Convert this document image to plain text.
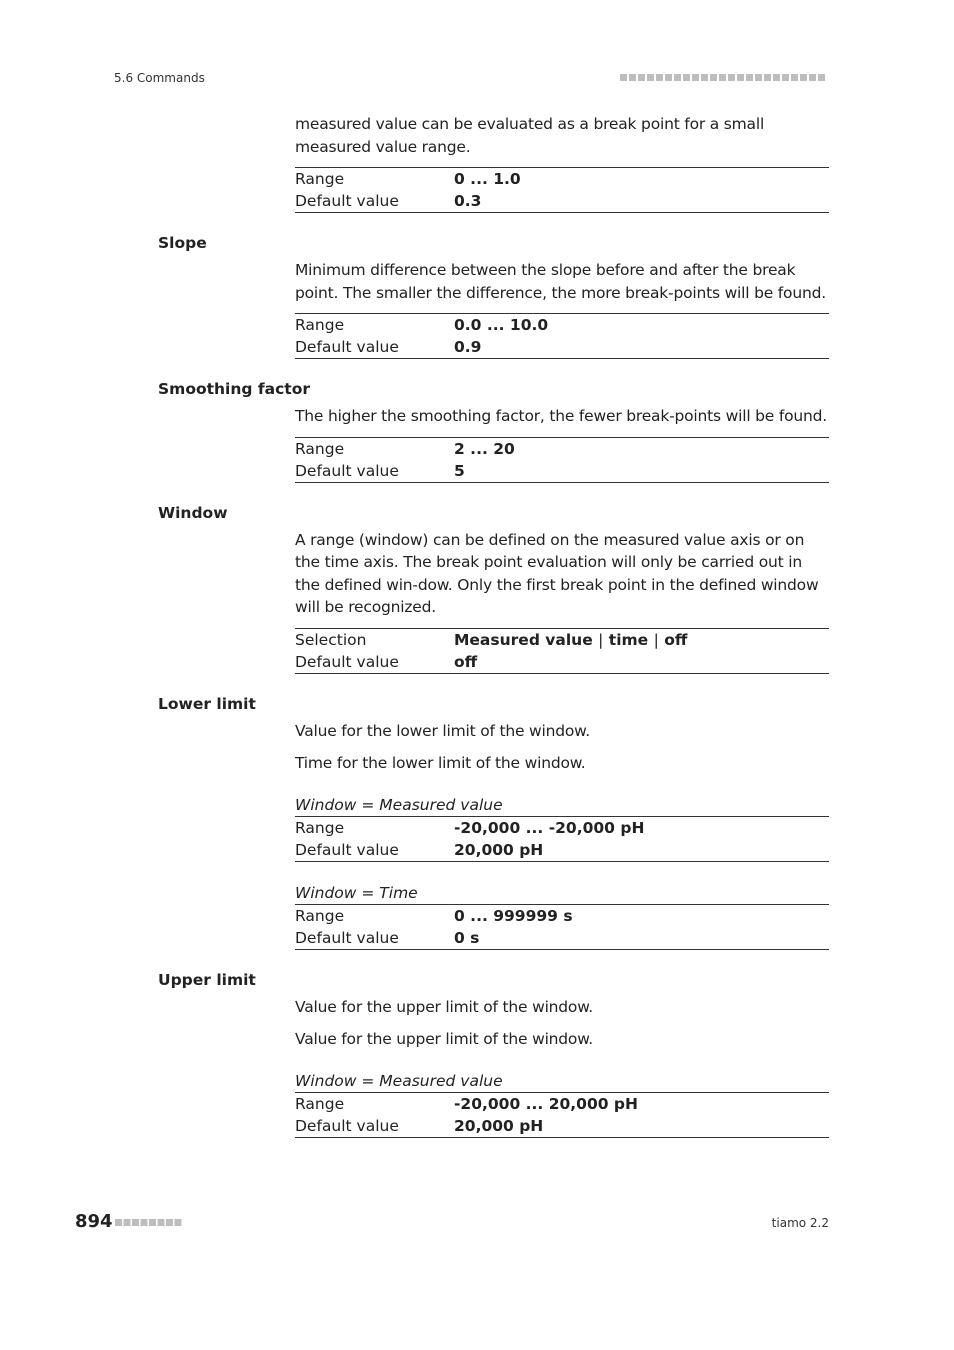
5.6 Commands

measured value can be evaluated as a break point for a small measured value range.

Range	0 ... 1.0
Default value	0.3
Slope

Minimum difference between the slope before and after the break point. The smaller the difference, the more break-points will be found.

Range	0.0 ... 10.0
Default value	0.9
Smoothing factor

The higher the smoothing factor, the fewer break-points will be found.

Range	2 ... 20
Default value	5
Window

A range (window) can be defined on the measured value axis or on the time axis. The break point evaluation will only be carried out in the defined win-dow. Only the first break point in the defined window will be recognized.

Selection	Measured value | time | off
Default value	off
Lower limit

Value for the lower limit of the window.

Time for the lower limit of the window.

Window = Measured value

Range	-20,000 ... -20,000 pH
Default value	20,000 pH

Window = Time

Range	0 ... 999999 s
Default value	0 s
Upper limit

Value for the upper limit of the window.

Value for the upper limit of the window.

Window = Measured value

Range	-20,000 ... 20,000 pH
Default value	20,000 pH
894	tiamo 2.2
